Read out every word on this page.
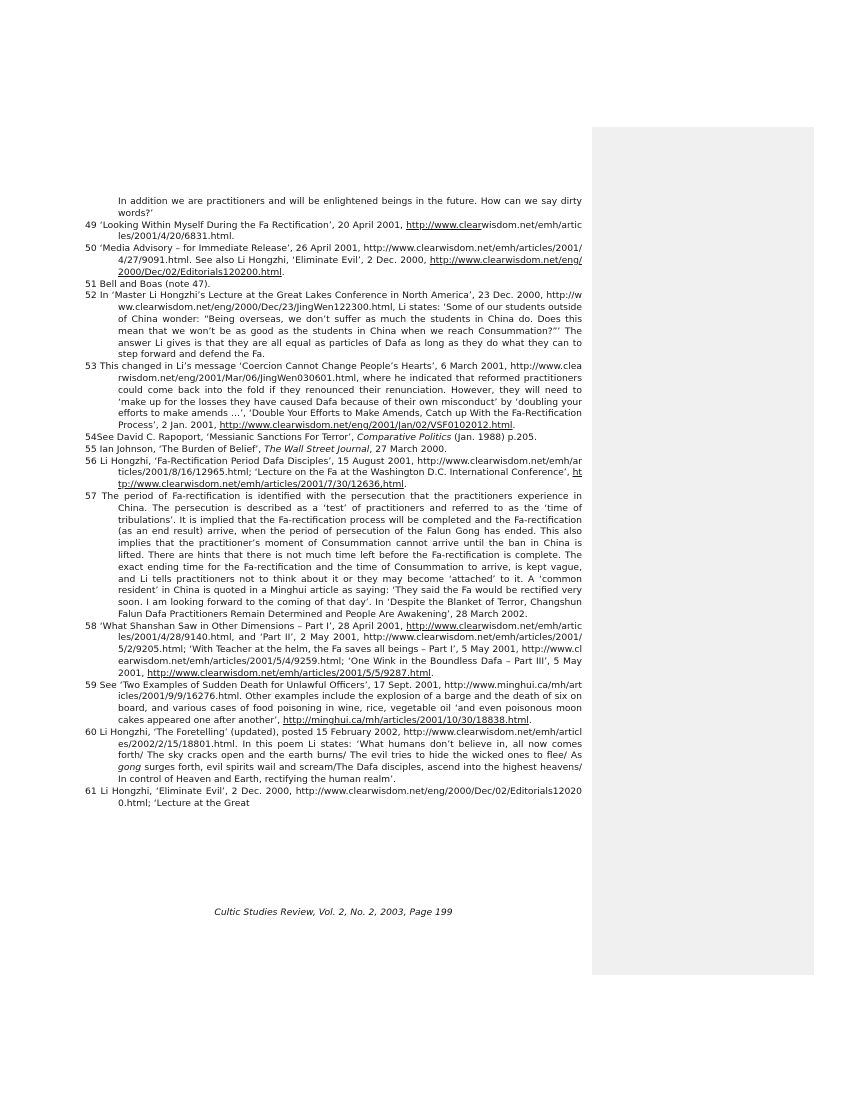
In addition we are practitioners and will be enlightened beings in the future. How can we say dirty words?’
49 ‘Looking Within Myself During the Fa Rectification’, 20 April 2001, http://www.clearwisdom.net/emh/articles/2001/4/20/6831.html.
50 ‘Media Advisory – for Immediate Release’, 26 April 2001, http://www.clearwisdom.net/emh/articles/2001/4/27/9091.html. See also Li Hongzhi, ‘Eliminate Evil’, 2 Dec. 2000, http://www.clearwisdom.net/eng/2000/Dec/02/Editorials120200.html.
51 Bell and Boas (note 47).
52 In ‘Master Li Hongzhi’s Lecture at the Great Lakes Conference in North America’, 23 Dec. 2000, http://www.clearwisdom.net/eng/2000/Dec/23/JingWen122300.html, Li states: ‘Some of our students outside of China wonder: “Being overseas, we don’t suffer as much the students in China do. Does this mean that we won’t be as good as the students in China when we reach Consummation?”’ The answer Li gives is that they are all equal as particles of Dafa as long as they do what they can to step forward and defend the Fa.
53 This changed in Li’s message ‘Coercion Cannot Change People’s Hearts’, 6 March 2001, http://www.clearwisdom.net/eng/2001/Mar/06/JingWen030601.html, where he indicated that reformed practitioners could come back into the fold if they renounced their renunciation. However, they will need to ‘make up for the losses they have caused Dafa because of their own misconduct’ by ‘doubling your efforts to make amends …’, ‘Double Your Efforts to Make Amends, Catch up With the Fa-Rectification Process’, 2 Jan. 2001, http://www.clearwisdom.net/eng/2001/Jan/02/VSF0102012.html.
54See David C. Rapoport, ‘Messianic Sanctions For Terror’, Comparative Politics (Jan. 1988) p.205.
55 Ian Johnson, ‘The Burden of Belief’, The Wall Street Journal, 27 March 2000.
56 Li Hongzhi, ‘Fa-Rectification Period Dafa Disciples’, 15 August 2001, http://www.clearwisdom.net/emh/articles/2001/8/16/12965.html; ‘Lecture on the Fa at the Washington D.C. International Conference’, http://www.clearwisdom.net/emh/articles/2001/7/30/12636,html.
57 The period of Fa-rectification is identified with the persecution that the practitioners experience in China. The persecution is described as a ‘test’ of practitioners and referred to as the ‘time of tribulations’. It is implied that the Fa-rectification process will be completed and the Fa-rectification (as an end result) arrive, when the period of persecution of the Falun Gong has ended. This also implies that the practitioner’s moment of Consummation cannot arrive until the ban in China is lifted. There are hints that there is not much time left before the Fa-rectification is complete. The exact ending time for the Fa-rectification and the time of Consummation to arrive, is kept vague, and Li tells practitioners not to think about it or they may become ‘attached’ to it. A ‘common resident’ in China is quoted in a Minghui article as saying: ‘They said the Fa would be rectified very soon. I am looking forward to the coming of that day’. In ‘Despite the Blanket of Terror, Changshun Falun Dafa Practitioners Remain Determined and People Are Awakening’, 28 March 2002.
58 ‘What Shanshan Saw in Other Dimensions – Part I’, 28 April 2001, http://www.clearwisdom.net/emh/articles/2001/4/28/9140.html, and ‘Part II’, 2 May 2001, http://www.clearwisdom.net/emh/articles/2001/5/2/9205.html; ‘With Teacher at the helm, the Fa saves all beings – Part I’, 5 May 2001, http://www.clearwisdom.net/emh/articles/2001/5/4/9259.html; ‘One Wink in the Boundless Dafa – Part III’, 5 May 2001, http://www.clearwisdom.net/emh/articles/2001/5/5/9287.html.
59 See ‘Two Examples of Sudden Death for Unlawful Officers’, 17 Sept. 2001, http://www.minghui.ca/mh/articles/2001/9/9/16276.html. Other examples include the explosion of a barge and the death of six on board, and various cases of food poisoning in wine, rice, vegetable oil ‘and even poisonous moon cakes appeared one after another’, http://minghui.ca/mh/articles/2001/10/30/18838.html.
60 Li Hongzhi, ‘The Foretelling’ (updated), posted 15 February 2002, http://www.clearwisdom.net/emh/articles/2002/2/15/18801.html. In this poem Li states: ‘What humans don’t believe in, all now comes forth/ The sky cracks open and the earth burns/ The evil tries to hide the wicked ones to flee/ As gong surges forth, evil spirits wail and scream/The Dafa disciples, ascend into the highest heavens/ In control of Heaven and Earth, rectifying the human realm’.
61 Li Hongzhi, ‘Eliminate Evil’, 2 Dec. 2000, http://www.clearwisdom.net/eng/2000/Dec/02/Editorials120200.html; ‘Lecture at the Great
Cultic Studies Review, Vol. 2, No. 2, 2003, Page 199
